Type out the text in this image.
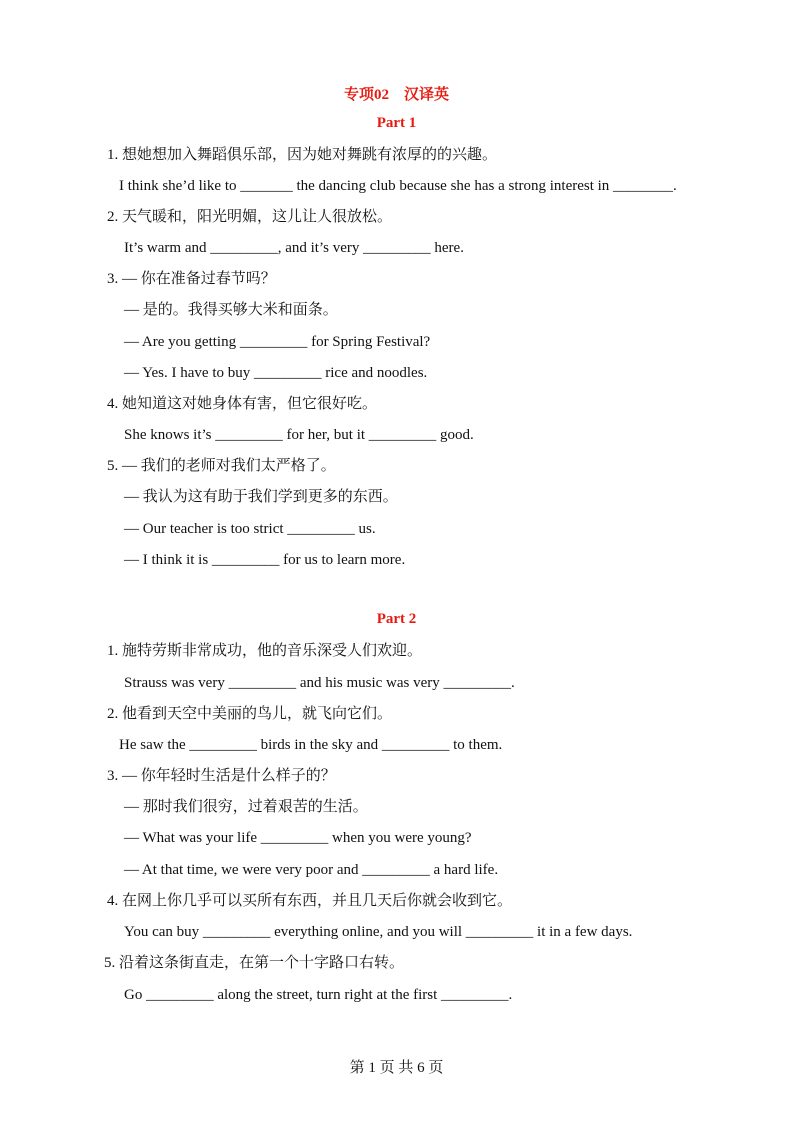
专项02　汉译英
Part 1
1. 想她想加入舞蹈俱乐部，因为她对舞跳有浓厚的的兴趣。
I think she’d like to _______ the dancing club because she has a strong interest in ________.
2. 天气暖和，阳光明媚，这儿让人很放松。
It’s warm and _________, and it’s very _________ here.
3. — 你在准备过春节吗？
— 是的。我得买够大米和面条。
— Are you getting _________ for Spring Festival?
— Yes. I have to buy _________ rice and noodles.
4. 她知道这对她身体有害，但它很好吃。
She knows it’s _________ for her, but it _________ good.
5. — 我们的老师对我们太严格了。
— 我认为这有助于我们学到更多的东西。
— Our teacher is too strict _________ us.
— I think it is _________ for us to learn more.
Part 2
1. 施特劳斯非常成功，他的音乐深受人们欢迎。
Strauss was very _________ and his music was very _________.
2. 他看到天空中美丽的鸟儿，就飞向它们。
He saw the _________ birds in the sky and _________ to them.
3. — 你年轻时生活是什么样子的？
— 那时我们很穷，过着艰苦的生活。
— What was your life _________ when you were young?
— At that time, we were very poor and _________ a hard life.
4. 在网上你几乎可以买所有东西，并且几天后你就会收到它。
You can buy _________ everything online, and you will _________ it in a few days.
5. 沿着这条街直走，在第一个十字路口右转。
Go _________ along the street, turn right at the first _________.
第 1 页 共 6 页
